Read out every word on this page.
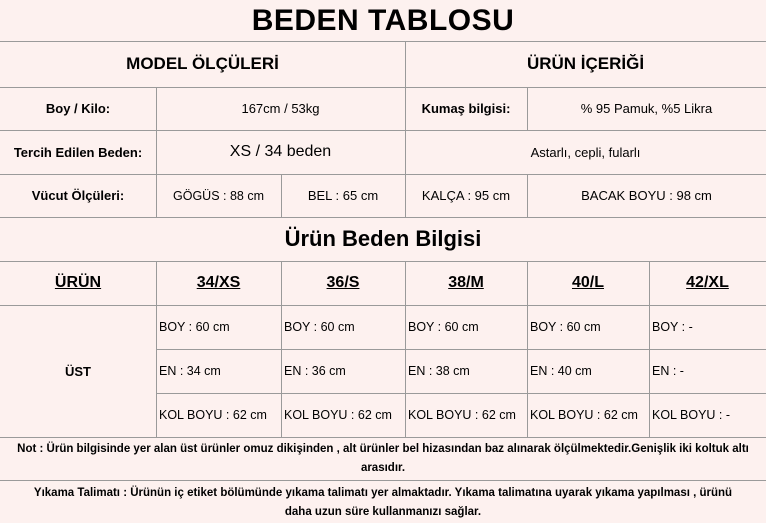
BEDEN TABLOSU
MODEL ÖLÇÜLERİ	ÜRÜN İÇERİĞİ
Boy / Kilo:	167cm / 53kg	Kumaş bilgisi:	% 95 Pamuk, %5 Likra
Tercih Edilen Beden:	XS / 34 beden	Astarlı, cepli, fularlı
Vücut Ölçüleri:	GÖGÜS : 88 cm	BEL : 65 cm	KALÇA : 95 cm	BACAK BOYU : 98 cm
Ürün Beden Bilgisi
ÜRÜN	34/XS	36/S	38/M	40/L	42/XL
ÜST
BOY : 60 cm	BOY : 60 cm	BOY : 60 cm	BOY : 60 cm	BOY : -
EN : 34 cm	EN : 36 cm	EN : 38 cm	EN : 40 cm	EN : -
KOL BOYU : 62 cm	KOL BOYU : 62 cm	KOL BOYU : 62 cm	KOL BOYU : 62 cm	KOL BOYU : -
Not : Ürün bilgisinde yer alan üst ürünler omuz dikişinden , alt ürünler bel hizasından baz alınarak ölçülmektedir.Genişlik iki koltuk altı
arasıdır.
Yıkama Talimatı : Ürünün iç etiket bölümünde yıkama talimatı yer almaktadır. Yıkama talimatına uyarak yıkama yapılması , ürünü
daha uzun süre kullanmanızı sağlar.
